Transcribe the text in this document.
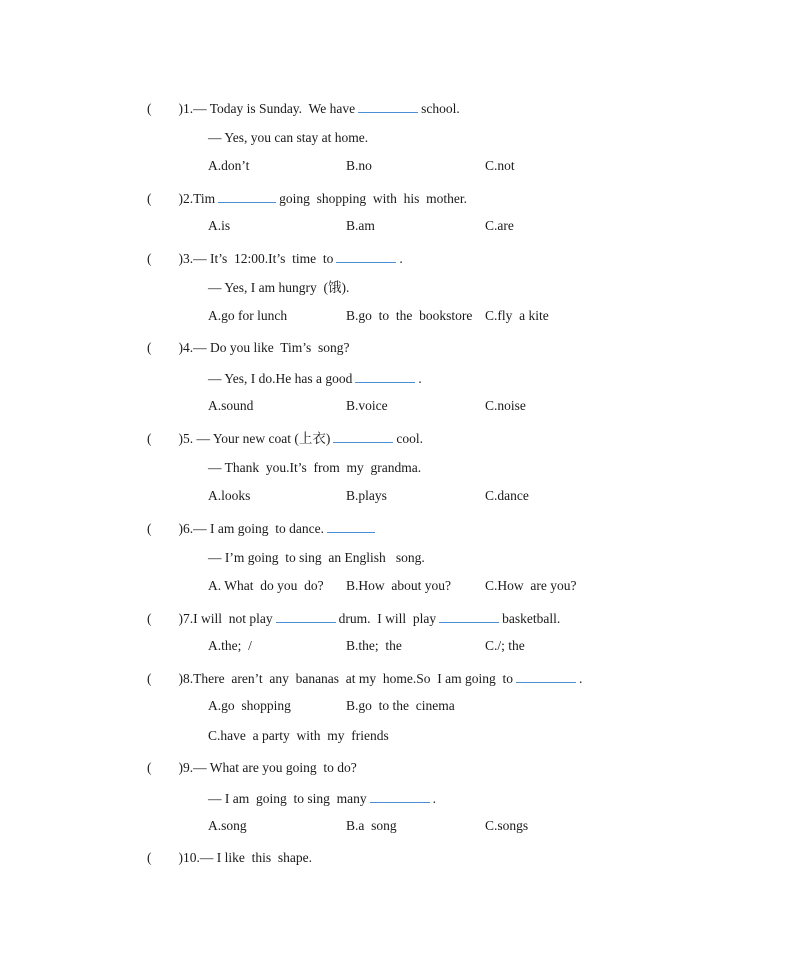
(        ) 1. — Today is Sunday.  We have	school.
— Yes, you can stay at home.
A.don’t	B.no	C.not
(        ) 2. Tim	going  shopping  with  his  mother.
A.is	B.am	C.are
(        ) 3. — It’s  12:00.It’s  time  to	.
— Yes, I am hungry  (饿).
A.go for lunch	B.go  to  the  bookstore C.fly  a kite
(        ) 4. — Do you like  Tim’s  song?
— Yes, I do.He has a good	.
A.sound	B.voice	C.noise
(        ) 5. — Your new coat (上衣)	cool.
— Thank  you.It’s  from  my  grandma.
A.looks	B.plays	C.dance
(        ) 6. — I am going  to dance.
— I’m going  to sing  an English   song.
A. What  do you  do? B.How  about you?	C.How  are you?
(        ) 7. I will  not play	drum.  I will  play	basketball.
A.the;  /	B.the;  the	C./; the
(        ) 8. There  aren’t  any  bananas  at my  home.So  I am going  to	.
A.go  shopping	B.go  to the  cinema
C.have  a party  with  my  friends
(        ) 9. — What are you going  to do?
— I am  going  to sing  many	.
A.song	B.a  song	C.songs
(        ) 10. — I like  this  shape.
